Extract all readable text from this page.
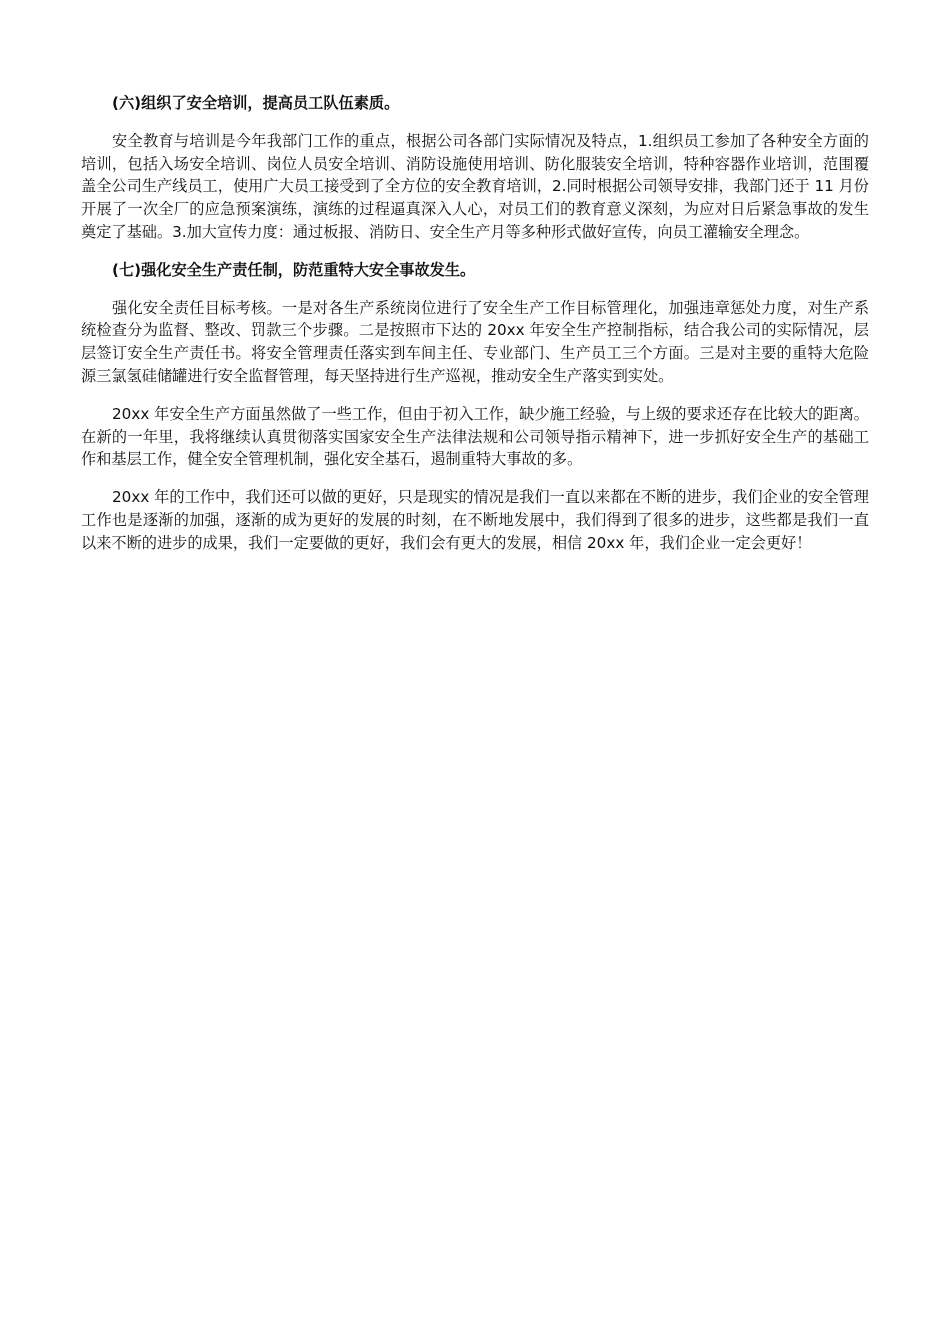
(六)组织了安全培训，提高员工队伍素质。
安全教育与培训是今年我部门工作的重点，根据公司各部门实际情况及特点，1.组织员工参加了各种安全方面的培训，包括入场安全培训、岗位人员安全培训、消防设施使用培训、防化服装安全培训，特种容器作业培训，范围覆盖全公司生产线员工，使用广大员工接受到了全方位的安全教育培训，2.同时根据公司领导安排，我部门还于 11 月份开展了一次全厂的应急预案演练，演练的过程逼真深入人心，对员工们的教育意义深刻，为应对日后紧急事故的发生奠定了基础。3.加大宣传力度：通过板报、消防日、安全生产月等多种形式做好宣传，向员工灌输安全理念。
(七)强化安全生产责任制，防范重特大安全事故发生。
强化安全责任目标考核。一是对各生产系统岗位进行了安全生产工作目标管理化，加强违章惩处力度，对生产系统检查分为监督、整改、罚款三个步骤。二是按照市下达的 20xx 年安全生产控制指标，结合我公司的实际情况，层层签订安全生产责任书。将安全管理责任落实到车间主任、专业部门、生产员工三个方面。三是对主要的重特大危险源三氯氢硅储罐进行安全监督管理，每天坚持进行生产巡视，推动安全生产落实到实处。
20xx 年安全生产方面虽然做了一些工作，但由于初入工作，缺少施工经验，与上级的要求还存在比较大的距离。在新的一年里，我将继续认真贯彻落实国家安全生产法律法规和公司领导指示精神下，进一步抓好安全生产的基础工作和基层工作，健全安全管理机制，强化安全基石，遏制重特大事故的多。
20xx 年的工作中，我们还可以做的更好，只是现实的情况是我们一直以来都在不断的进步，我们企业的安全管理工作也是逐渐的加强，逐渐的成为更好的发展的时刻，在不断地发展中，我们得到了很多的进步，这些都是我们一直以来不断的进步的成果，我们一定要做的更好，我们会有更大的发展，相信 20xx 年，我们企业一定会更好！
